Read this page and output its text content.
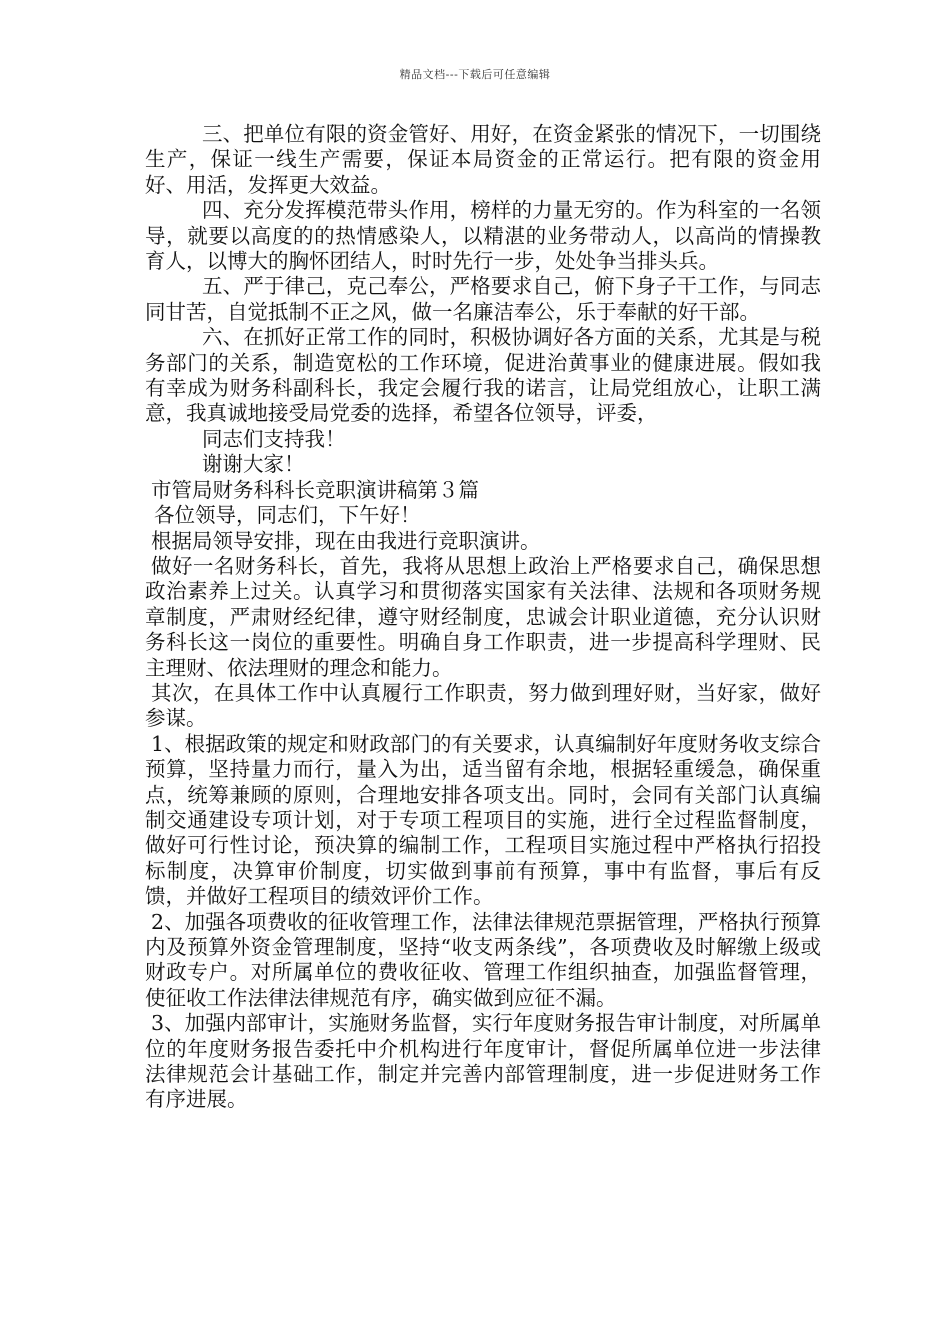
精品文档---下载后可任意编辑

三、把单位有限的资金管好、用好，在资金紧张的情况下，一切围绕生产，保证一线生产需要，保证本局资金的正常运行。把有限的资金用好、用活，发挥更大效益。

四、充分发挥模范带头作用，榜样的力量无穷的。作为科室的一名领导，就要以高度的的热情感染人，以精湛的业务带动人，以高尚的情操教育人，以博大的胸怀团结人，时时先行一步，处处争当排头兵。

五、严于律己，克己奉公，严格要求自己，俯下身子干工作，与同志同甘苦，自觉抵制不正之风，做一名廉洁奉公，乐于奉献的好干部。

六、在抓好正常工作的同时，积极协调好各方面的关系，尤其是与税务部门的关系，制造宽松的工作环境，促进治黄事业的健康进展。假如我有幸成为财务科副科长，我定会履行我的诺言，让局党组放心，让职工满意，我真诚地接受局党委的选择，希望各位领导，评委，

同志们支持我！

谢谢大家！

市管局财务科科长竞职演讲稿第３篇

各位领导，同志们，下午好！

根据局领导安排，现在由我进行竞职演讲。

做好一名财务科长，首先，我将从思想上政治上严格要求自己，确保思想政治素养上过关。认真学习和贯彻落实国家有关法律、法规和各项财务规章制度，严肃财经纪律，遵守财经制度，忠诚会计职业道德，充分认识财务科长这一岗位的重要性。明确自身工作职责，进一步提高科学理财、民主理财、依法理财的理念和能力。

其次，在具体工作中认真履行工作职责，努力做到理好财，当好家，做好参谋。

1、根据政策的规定和财政部门的有关要求，认真编制好年度财务收支综合预算，坚持量力而行，量入为出，适当留有余地，根据轻重缓急，确保重点，统筹兼顾的原则，合理地安排各项支出。同时，会同有关部门认真编制交通建设专项计划，对于专项工程项目的实施，进行全过程监督制度，做好可行性讨论，预决算的编制工作，工程项目实施过程中严格执行招投标制度，决算审价制度，切实做到事前有预算，事中有监督，事后有反馈，并做好工程项目的绩效评价工作。

2、加强各项费收的征收管理工作，法律法律规范票据管理，严格执行预算内及预算外资金管理制度，坚持“收支两条线”，各项费收及时解缴上级或财政专户。对所属单位的费收征收、管理工作组织抽查，加强监督管理，使征收工作法律法律规范有序，确实做到应征不漏。

3、加强内部审计，实施财务监督，实行年度财务报告审计制度，对所属单位的年度财务报告委托中介机构进行年度审计，督促所属单位进一步法律法律规范会计基础工作，制定并完善内部管理制度，进一步促进财务工作有序进展。
